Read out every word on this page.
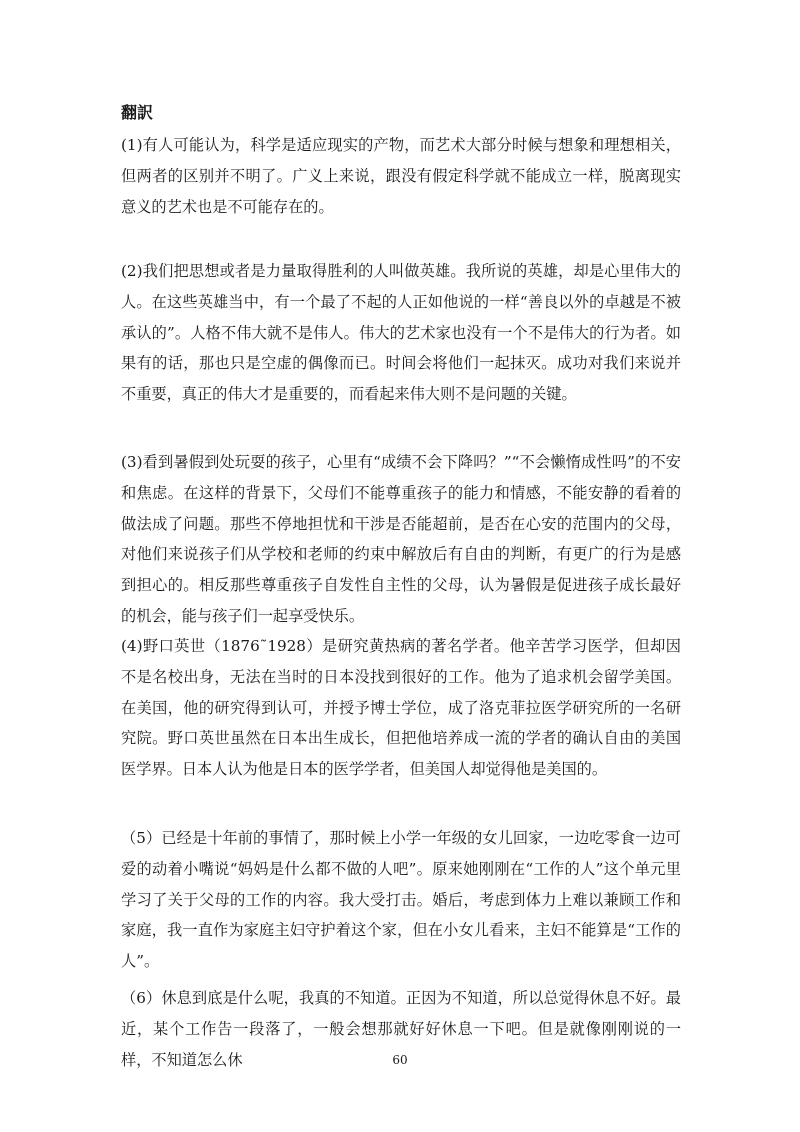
翻訳

(1)有人可能认为，科学是适应现实的产物，而艺术大部分时候与想象和理想相关，但两者的区别并不明了。广义上来说，跟没有假定科学就不能成立一样，脱离现实意义的艺术也是不可能存在的。

(2)我们把思想或者是力量取得胜利的人叫做英雄。我所说的英雄，却是心里伟大的人。在这些英雄当中，有一个最了不起的人正如他说的一样“善良以外的卓越是不被承认的”。人格不伟大就不是伟人。伟大的艺术家也没有一个不是伟大的行为者。如果有的话，那也只是空虚的偶像而已。时间会将他们一起抹灭。成功对我们来说并不重要，真正的伟大才是重要的，而看起来伟大则不是问题的关键。

(3)看到暑假到处玩耍的孩子，心里有“成绩不会下降吗？”“不会懒惰成性吗”的不安和焦虑。在这样的背景下，父母们不能尊重孩子的能力和情感，不能安静的看着的做法成了问题。那些不停地担忧和干涉是否能超前，是否在心安的范围内的父母，对他们来说孩子们从学校和老师的约束中解放后有自由的判断，有更广的行为是感到担心的。相反那些尊重孩子自发性自主性的父母，认为暑假是促进孩子成长最好的机会，能与孩子们一起享受快乐。

(4)野口英世（1876˜1928）是研究黄热病的著名学者。他辛苦学习医学，但却因不是名校出身，无法在当时的日本没找到很好的工作。他为了追求机会留学美国。在美国，他的研究得到认可，并授予博士学位，成了洛克菲拉医学研究所的一名研究院。野口英世虽然在日本出生成长，但把他培养成一流的学者的确认自由的美国医学界。日本人认为他是日本的医学学者，但美国人却觉得他是美国的。

（5）已经是十年前的事情了，那时候上小学一年级的女儿回家，一边吃零食一边可爱的动着小嘴说“妈妈是什么都不做的人吧”。原来她刚刚在“工作的人”这个单元里学习了关于父母的工作的内容。我大受打击。婚后，考虑到体力上难以兼顾工作和家庭，我一直作为家庭主妇守护着这个家，但在小女儿看来，主妇不能算是“工作的人”。

（6）休息到底是什么呢，我真的不知道。正因为不知道，所以总觉得休息不好。最近，某个工作告一段落了，一般会想那就好好休息一下吧。但是就像刚刚说的一样，不知道怎么休	60
